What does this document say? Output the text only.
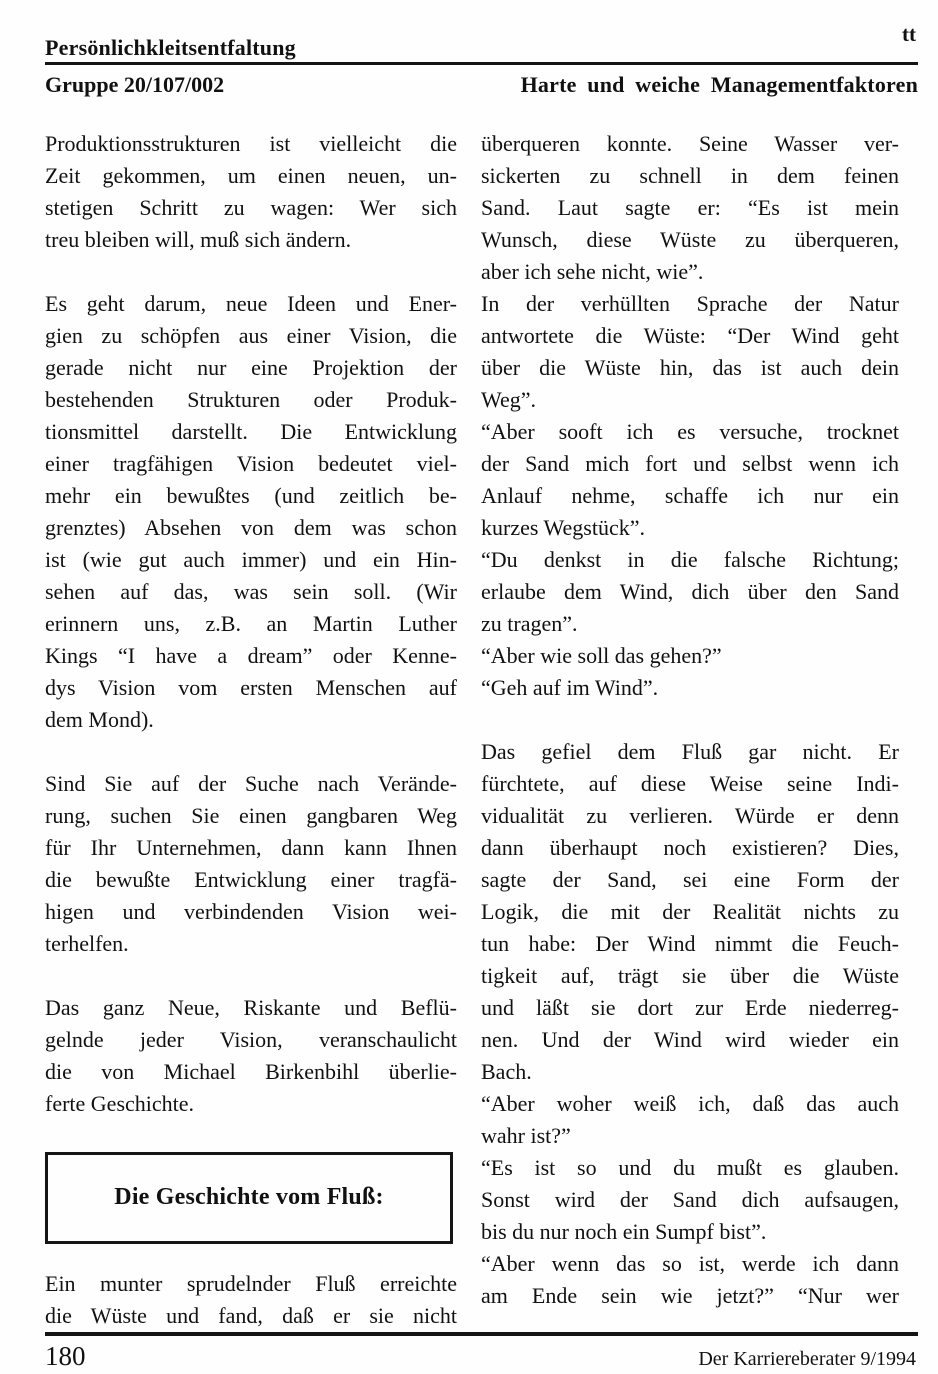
Persönlichkleitsentfaltung
tt
Gruppe 20/107/002	Harte und weiche Managementfaktoren
Produktionsstrukturen ist vielleicht die
Zeit gekommen, um einen neuen, un-
stetigen Schritt zu wagen: Wer sich
treu bleiben will, muß sich ändern.
Es geht darum, neue Ideen und Ener-
gien zu schöpfen aus einer Vision, die
gerade nicht nur eine Projektion der
bestehenden Strukturen oder Produk-
tionsmittel darstellt. Die Entwicklung
einer tragfähigen Vision bedeutet viel-
mehr ein bewußtes (und zeitlich be-
grenztes) Absehen von dem was schon
ist (wie gut auch immer) und ein Hin-
sehen auf das, was sein soll. (Wir
erinnern uns, z.B. an Martin Luther
Kings “I have a dream” oder Kenne-
dys Vision vom ersten Menschen auf
dem Mond).
Sind Sie auf der Suche nach Verände-
rung, suchen Sie einen gangbaren Weg
für Ihr Unternehmen, dann kann Ihnen
die bewußte Entwicklung einer tragfä-
higen und verbindenden Vision wei-
terhelfen.
Das ganz Neue, Riskante und Beflü-
gelnde jeder Vision, veranschaulicht
die von Michael Birkenbihl überlie-
ferte Geschichte.
Die Geschichte vom Fluß:
Ein munter sprudelnder Fluß erreichte
die Wüste und fand, daß er sie nicht
überqueren konnte. Seine Wasser ver-
sickerten zu schnell in dem feinen
Sand. Laut sagte er: “Es ist mein
Wunsch, diese Wüste zu überqueren,
aber ich sehe nicht, wie”.
In der verhüllten Sprache der Natur
antwortete die Wüste: “Der Wind geht
über die Wüste hin, das ist auch dein
Weg”.
“Aber sooft ich es versuche, trocknet
der Sand mich fort und selbst wenn ich
Anlauf nehme, schaffe ich nur ein
kurzes Wegstück”.
“Du denkst in die falsche Richtung;
erlaube dem Wind, dich über den Sand
zu tragen”.
“Aber wie soll das gehen?”
“Geh auf im Wind”.
Das gefiel dem Fluß gar nicht. Er
fürchtete, auf diese Weise seine Indi-
vidualität zu verlieren. Würde er denn
dann überhaupt noch existieren? Dies,
sagte der Sand, sei eine Form der
Logik, die mit der Realität nichts zu
tun habe: Der Wind nimmt die Feuch-
tigkeit auf, trägt sie über die Wüste
und läßt sie dort zur Erde niederreg-
nen. Und der Wind wird wieder ein
Bach.
“Aber woher weiß ich, daß das auch
wahr ist?”
“Es ist so und du mußt es glauben.
Sonst wird der Sand dich aufsaugen,
bis du nur noch ein Sumpf bist”.
“Aber wenn das so ist, werde ich dann
am Ende sein wie jetzt?” “Nur wer
180	Der Karriereberater 9/1994
